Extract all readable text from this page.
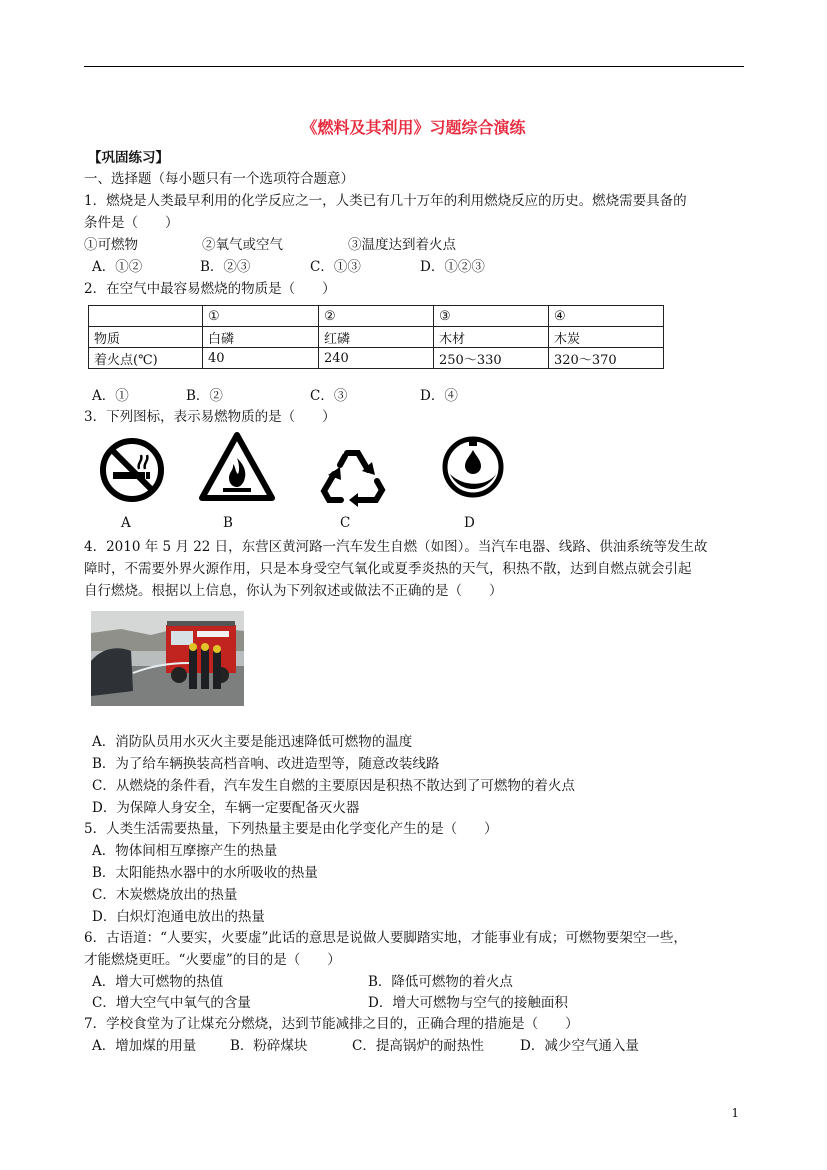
《燃料及其利用》习题综合演练
【巩固练习】
一、选择题（每小题只有一个选项符合题意）
1．燃烧是人类最早利用的化学反应之一，人类已有几十万年的利用燃烧反应的历史。燃烧需要具备的
条件是（　　）
①可燃物	②氧气或空气	③温度达到着火点
A．①②	B．②③	C．①③	D．①②③
2．在空气中最容易燃烧的物质是（　　）
	①	②	③	④
物质	白磷	红磷	木材	木炭
着火点(℃)	40	240	250～330	320～370
A．①	B．②	C．③	D．④
3．下列图标，表示易燃物质的是（　　）
A	B	C	D
4．2010 年 5 月 22 日，东营区黄河路一汽车发生自燃（如图）。当汽车电器、线路、供油系统等发生故
障时，不需要外界火源作用，只是本身受空气氧化或夏季炎热的天气，积热不散，达到自燃点就会引起
自行燃烧。根据以上信息，你认为下列叙述或做法不正确的是（　　）
A．消防队员用水灭火主要是能迅速降低可燃物的温度
B．为了给车辆换装高档音响、改进造型等，随意改装线路
C．从燃烧的条件看，汽车发生自燃的主要原因是积热不散达到了可燃物的着火点
D．为保障人身安全，车辆一定要配备灭火器
5．人类生活需要热量，下列热量主要是由化学变化产生的是（　　）
A．物体间相互摩擦产生的热量
B．太阳能热水器中的水所吸收的热量
C．木炭燃烧放出的热量
D．白炽灯泡通电放出的热量
6．古语道：“人要实，火要虚”此话的意思是说做人要脚踏实地，才能事业有成；可燃物要架空一些，
才能燃烧更旺。“火要虚”的目的是（　　）
A．增大可燃物的热值	B．降低可燃物的着火点
C．增大空气中氧气的含量	D．增大可燃物与空气的接触面积
7．学校食堂为了让煤充分燃烧，达到节能减排之目的，正确合理的措施是（　　）
A．增加煤的用量	B．粉碎煤块	C．提高锅炉的耐热性	D．减少空气通入量
1
